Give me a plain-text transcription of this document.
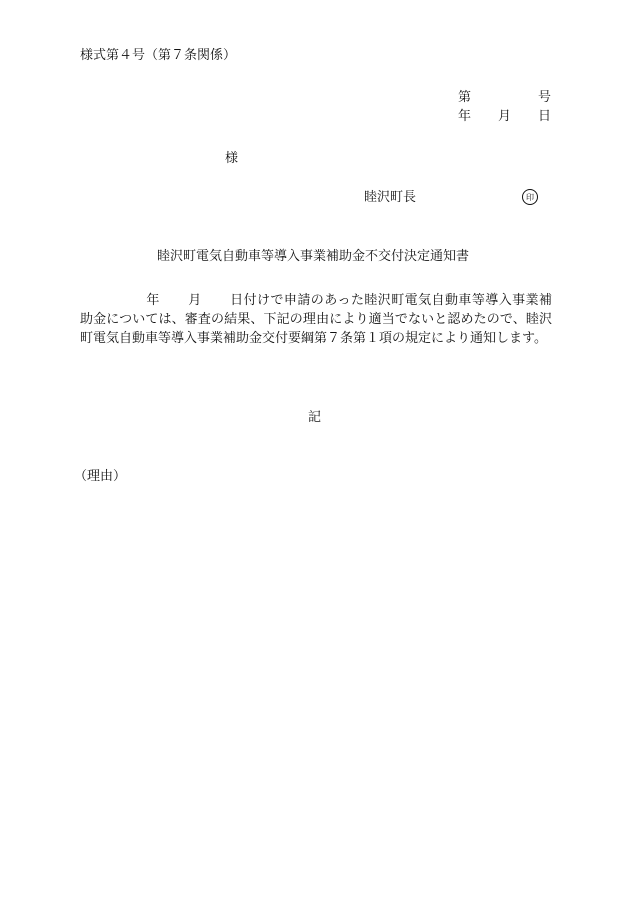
様式第４号（第７条関係）
第	号
年 月 日
様
睦沢町長	印
睦沢町電気自動車等導入事業補助金不交付決定通知書
年 月 日付けで申請のあった睦沢町電気自動車等導入事業補助金については、審査の結果、下記の理由により適当でないと認めたので、睦沢町電気自動車等導入事業補助金交付要綱第７条第１項の規定により通知します。
記
（理由）
